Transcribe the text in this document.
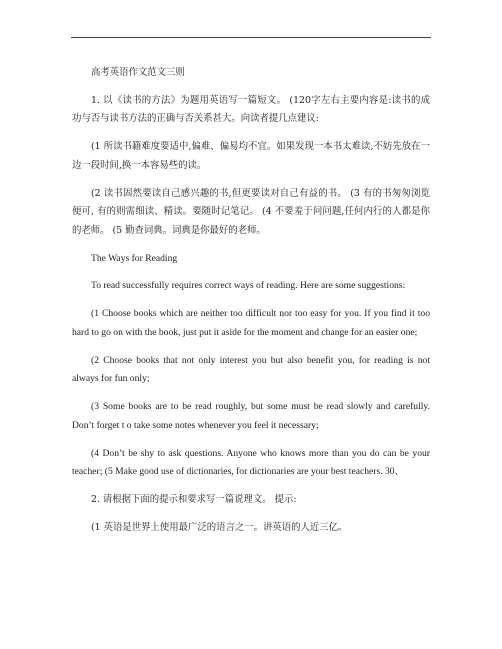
高考英语作文范文三则

1. 以《读书的方法》为题用英语写一篇短文。 (120字左右主要内容是:读书的成功与否与读书方法的正确与否关系甚大。向读者提几点建议:

(1 所读书籍难度要适中,偏难、偏易均不宜。如果发现一本书太难读,不妨先放在一边一段时间,换一本容易些的读。

(2 读书固然要读自己感兴趣的书,但更要读对自己有益的书。 (3 有的书匆匆浏览便可, 有的则需细读、精读。要随时记笔记。 (4 不要羞于问问题,任何内行的人都是你的老师。 (5 勤查词典。词典是你最好的老师。

The Ways for Reading

To read successfully requires correct ways of reading. Here are some suggestions:

(1 Choose books which are neither too difficult nor too easy for you. If you find it too hard to go on with the book, just put it aside for the moment and change for an easier one;

(2 Choose books that not only interest you but also benefit you, for reading is not always for fun only;

(3 Some books are to be read roughly, but some must be read slowly and carefully. Don’t forget t o take some notes whenever you feel it necessary;

(4 Don’t be shy to ask questions. Anyone who knows more than you do can be your teacher; (5 Make good use of dictionaries, for dictionaries are your best teachers. 30、

2. 请根据下面的提示和要求写一篇说理文。 提示:

(1 英语是世界上使用最广泛的语言之一。讲英语的人近三亿。
